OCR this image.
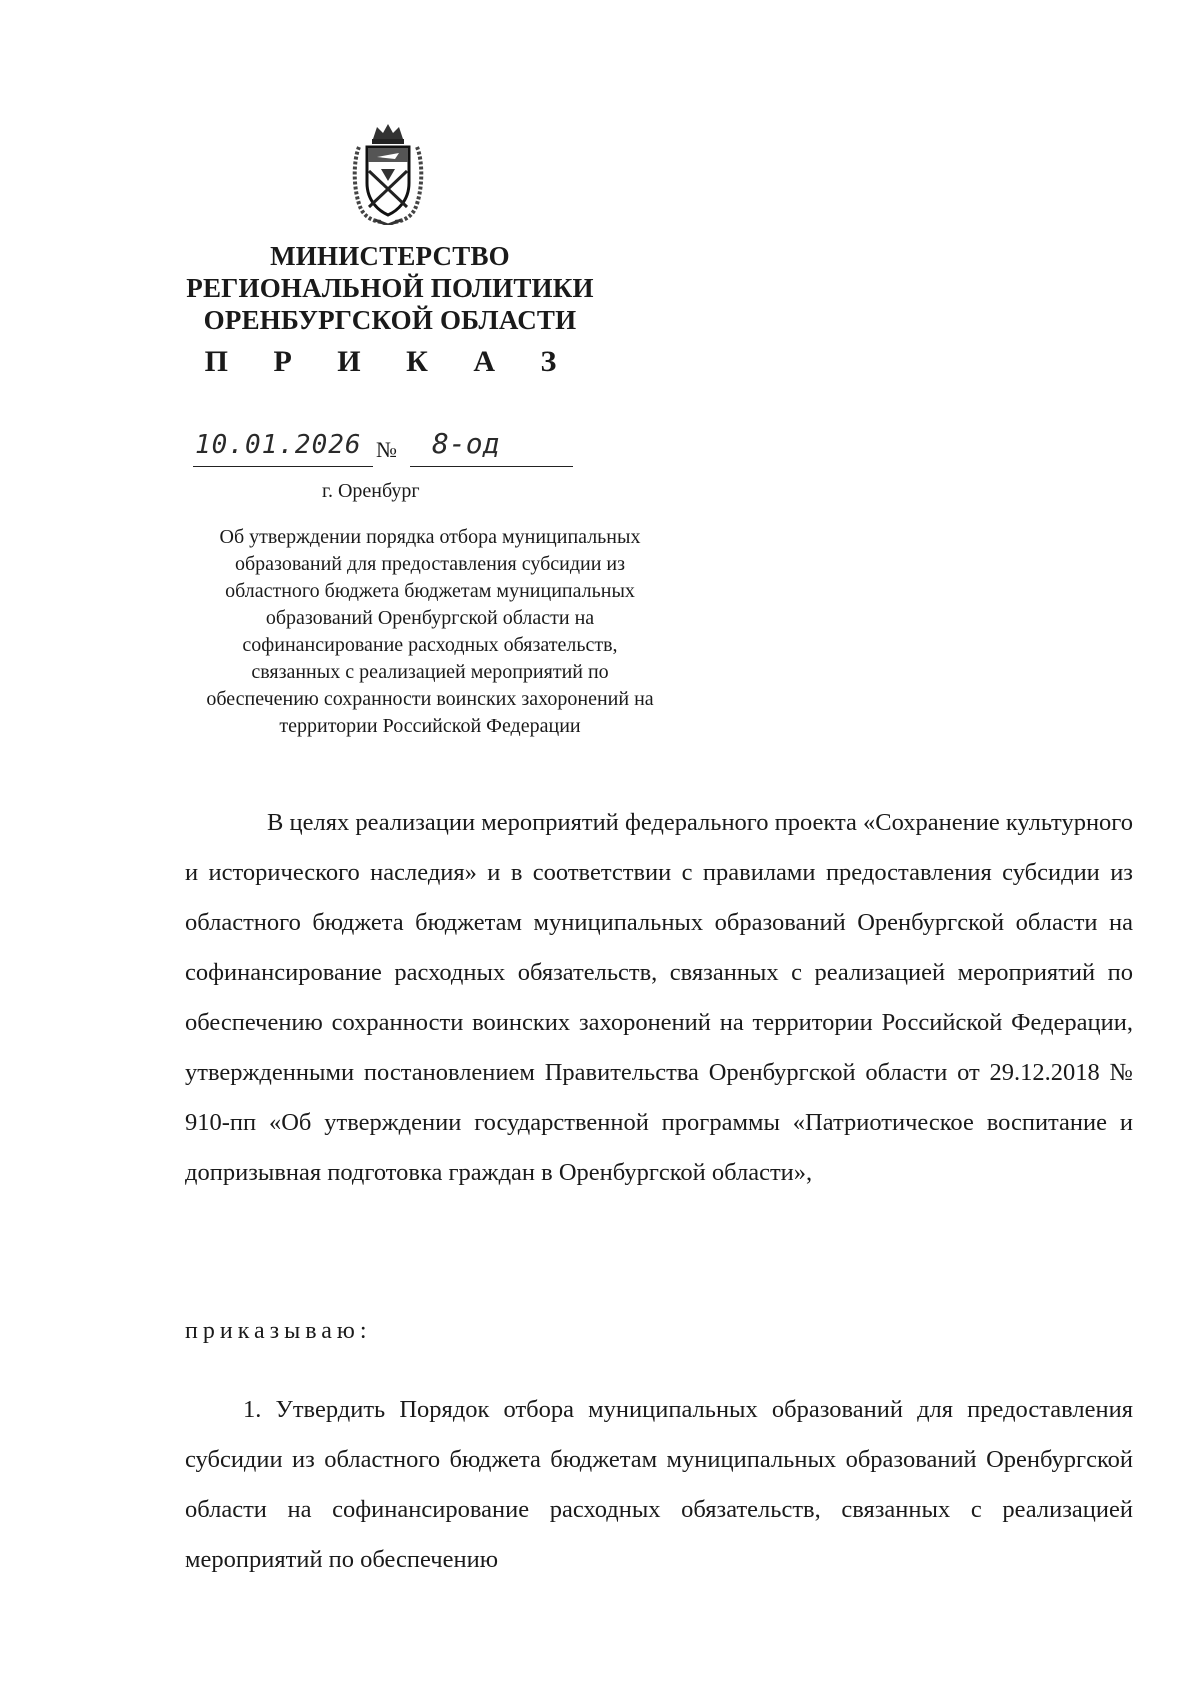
МИНИСТЕРСТВО
РЕГИОНАЛЬНОЙ ПОЛИТИКИ
ОРЕНБУРГСКОЙ ОБЛАСТИ
П Р И К А З
10.01.2026 № 8-од
г. Оренбург
Об утверждении порядка отбора муниципальных
образований для предоставления субсидии из
областного бюджета бюджетам муниципальных
образований Оренбургской области на
софинансирование расходных обязательств,
связанных с реализацией мероприятий по
обеспечению сохранности воинских захоронений на
территории Российской Федерации
В целях реализации мероприятий федерального проекта «Сохранение культурного и исторического наследия» и в соответствии с правилами предоставления субсидии из областного бюджета бюджетам муниципальных образований Оренбургской области на софинансирование расходных обязательств, связанных с реализацией мероприятий по обеспечению сохранности воинских захоронений на территории Российской Федерации, утвержденными постановлением Правительства Оренбургской области от 29.12.2018 № 910-пп «Об утверждении государственной программы «Патриотическое воспитание и допризывная подготовка граждан в Оренбургской области»,
приказываю:
1. Утвердить Порядок отбора муниципальных образований для предоставления субсидии из областного бюджета бюджетам муниципальных образований Оренбургской области на софинансирование расходных обязательств, связанных с реализацией мероприятий по обеспечению
